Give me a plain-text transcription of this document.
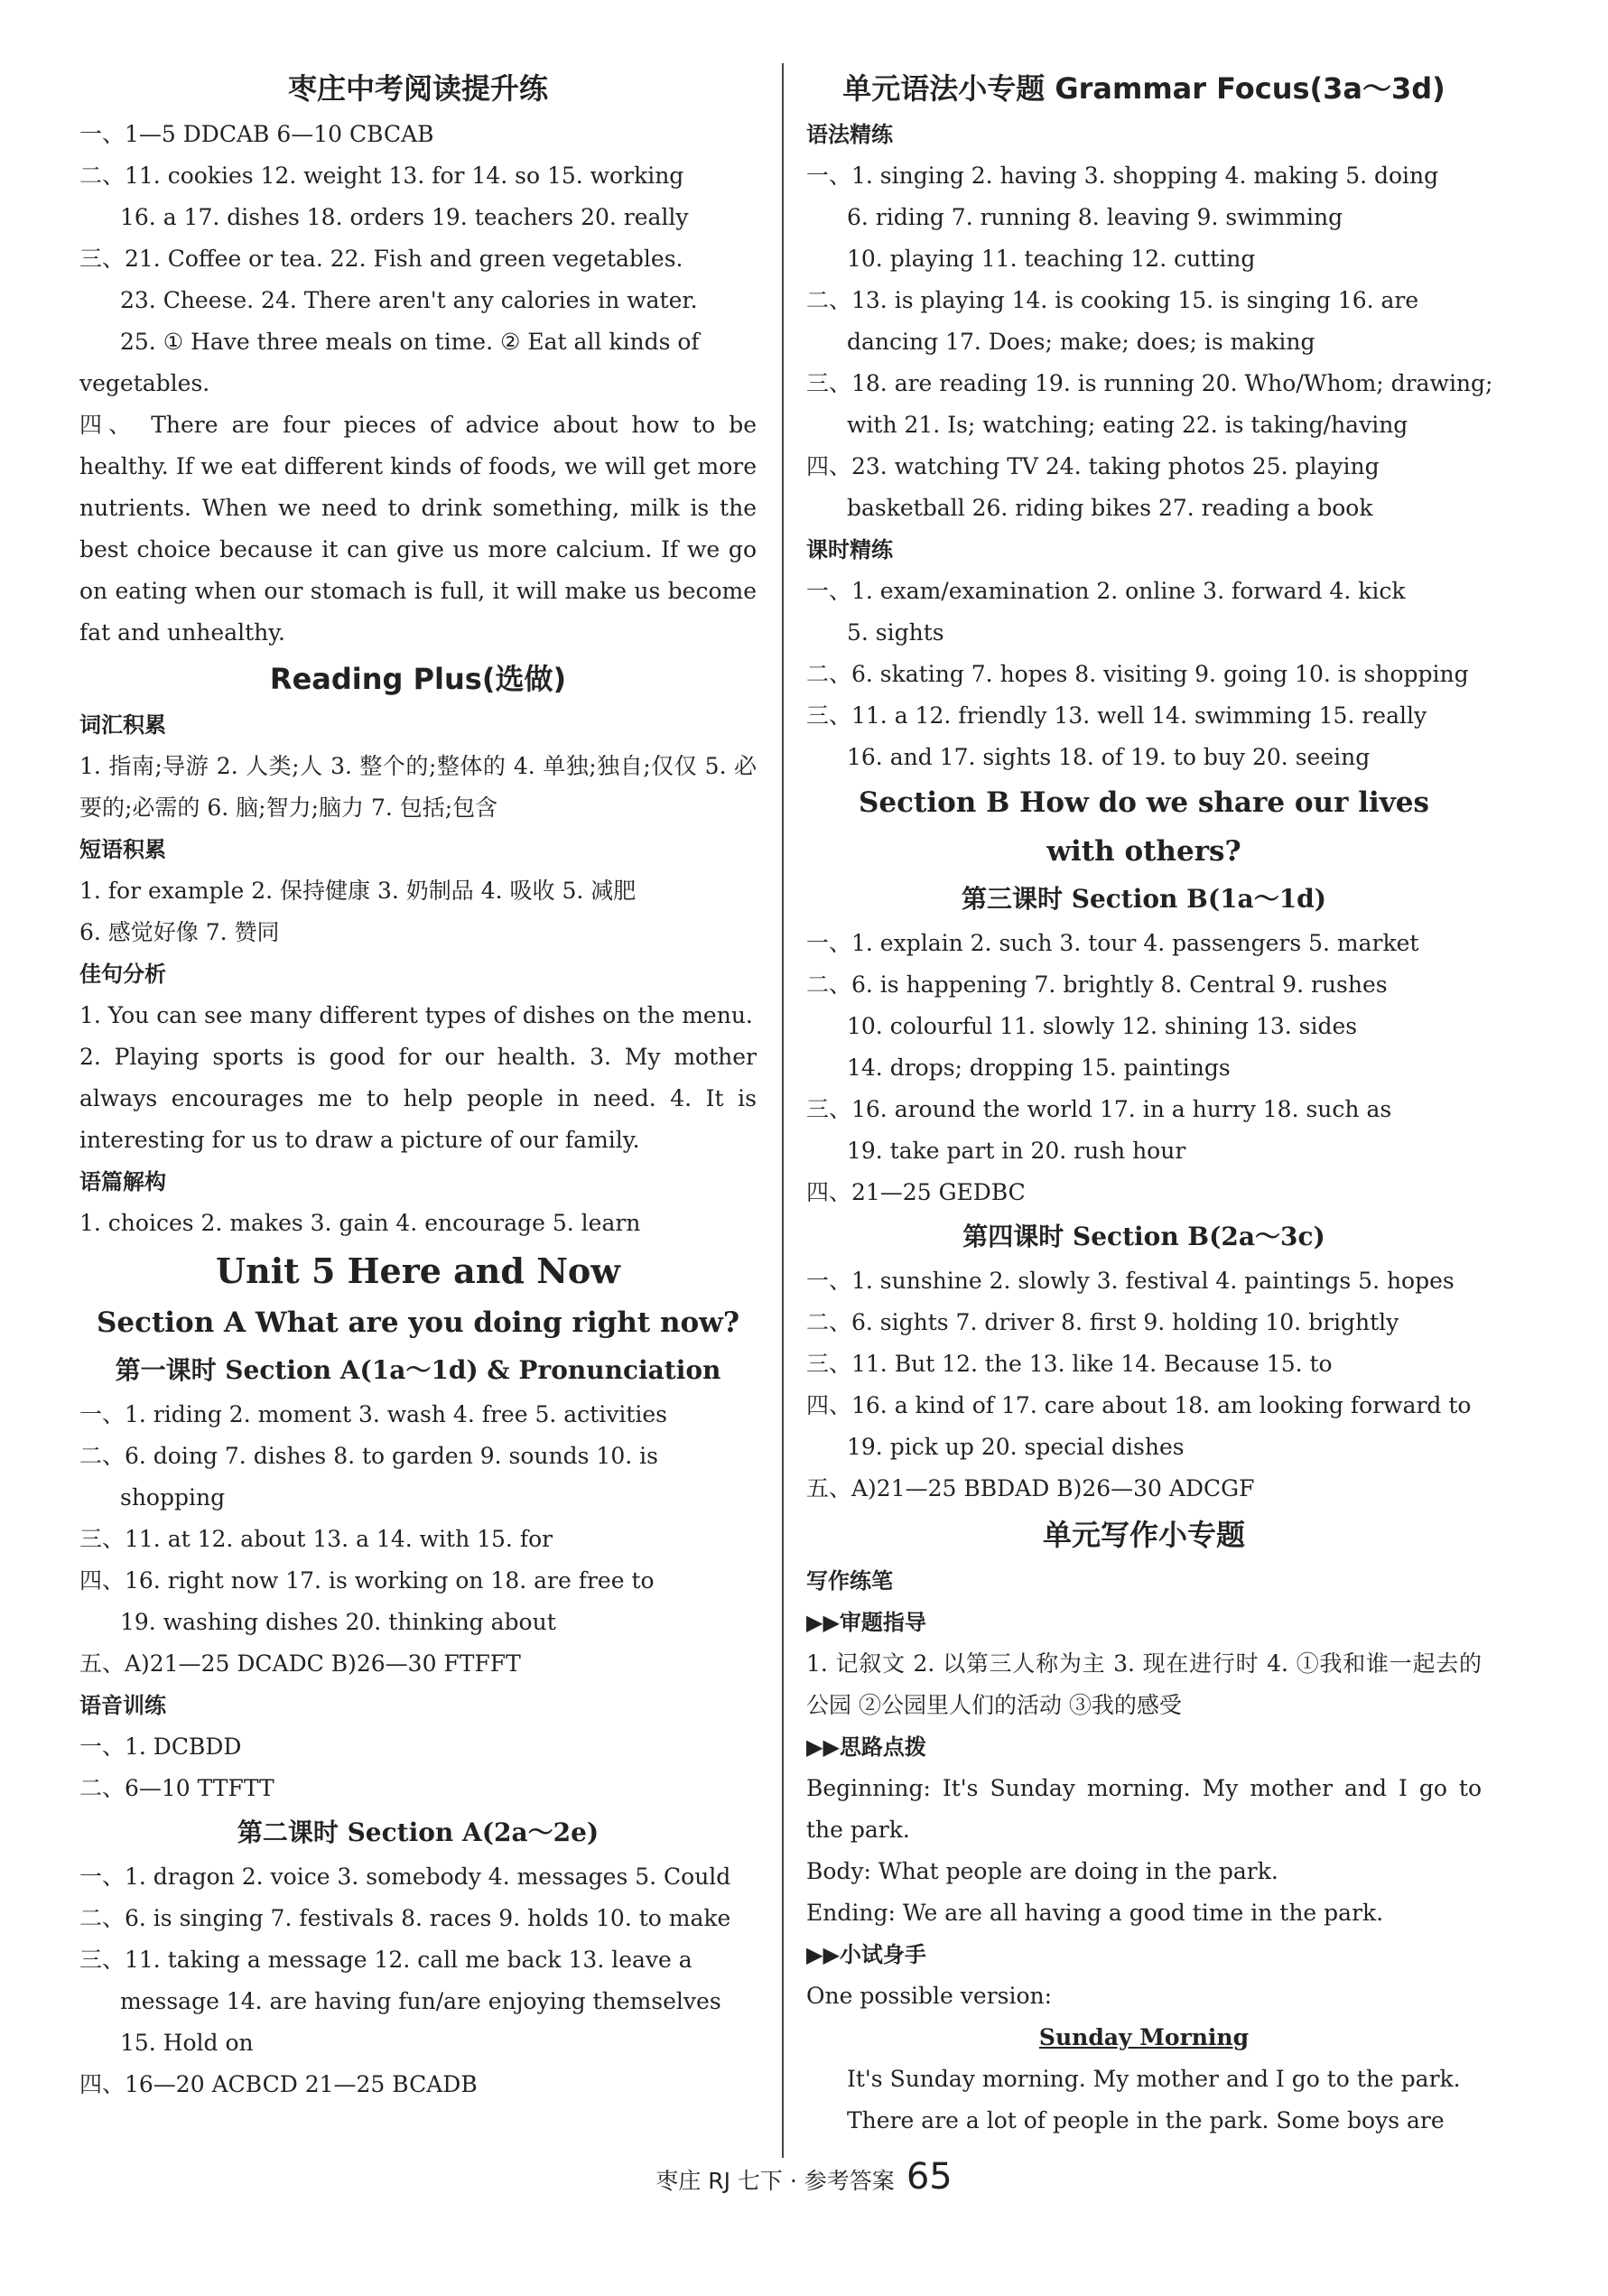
枣庄中考阅读提升练
一、1—5 DDCAB 6—10 CBCAB
二、11. cookies 12. weight 13. for 14. so 15. working
16. a 17. dishes 18. orders 19. teachers 20. really
三、21. Coffee or tea. 22. Fish and green vegetables.
23. Cheese. 24. There aren't any calories in water.
25. ① Have three meals on time. ② Eat all kinds of
vegetables.
四、 There are four pieces of advice about how to be healthy. If we eat different kinds of foods, we will get more nutrients. When we need to drink something, milk is the best choice because it can give us more calcium. If we go on eating when our stomach is full, it will make us become fat and unhealthy.
Reading Plus(选做)
词汇积累
1. 指南;导游 2. 人类;人 3. 整个的;整体的 4. 单独;独自;仅仅 5. 必要的;必需的 6. 脑;智力;脑力 7. 包括;包含
短语积累
1. for example 2. 保持健康 3. 奶制品 4. 吸收 5. 减肥
6. 感觉好像 7. 赞同
佳句分析
1. You can see many different types of dishes on the menu.
2. Playing sports is good for our health. 3. My mother always encourages me to help people in need. 4. It is interesting for us to draw a picture of our family.
语篇解构
1. choices 2. makes 3. gain 4. encourage 5. learn
Unit 5 Here and Now
Section A What are you doing right now?
第一课时 Section A(1a～1d) & Pronunciation
一、1. riding 2. moment 3. wash 4. free 5. activities
二、6. doing 7. dishes 8. to garden 9. sounds 10. is
shopping
三、11. at 12. about 13. a 14. with 15. for
四、16. right now 17. is working on 18. are free to
19. washing dishes 20. thinking about
五、A)21—25 DCADC B)26—30 FTFFT
语音训练
一、1. DCBDD
二、6—10 TTFTT
第二课时 Section A(2a～2e)
一、1. dragon 2. voice 3. somebody 4. messages 5. Could
二、6. is singing 7. festivals 8. races 9. holds 10. to make
三、11. taking a message 12. call me back 13. leave a
message 14. are having fun/are enjoying themselves
15. Hold on
四、16—20 ACBCD 21—25 BCADB
单元语法小专题 Grammar Focus(3a～3d)
语法精练
一、1. singing 2. having 3. shopping 4. making 5. doing
6. riding 7. running 8. leaving 9. swimming
10. playing 11. teaching 12. cutting
二、13. is playing 14. is cooking 15. is singing 16. are
dancing 17. Does; make; does; is making
三、18. are reading 19. is running 20. Who/Whom; drawing;
with 21. Is; watching; eating 22. is taking/having
四、23. watching TV 24. taking photos 25. playing
basketball 26. riding bikes 27. reading a book
课时精练
一、1. exam/examination 2. online 3. forward 4. kick
5. sights
二、6. skating 7. hopes 8. visiting 9. going 10. is shopping
三、11. a 12. friendly 13. well 14. swimming 15. really
16. and 17. sights 18. of 19. to buy 20. seeing
Section B How do we share our lives
with others?
第三课时 Section B(1a～1d)
一、1. explain 2. such 3. tour 4. passengers 5. market
二、6. is happening 7. brightly 8. Central 9. rushes
10. colourful 11. slowly 12. shining 13. sides
14. drops; dropping 15. paintings
三、16. around the world 17. in a hurry 18. such as
19. take part in 20. rush hour
四、21—25 GEDBC
第四课时 Section B(2a～3c)
一、1. sunshine 2. slowly 3. festival 4. paintings 5. hopes
二、6. sights 7. driver 8. first 9. holding 10. brightly
三、11. But 12. the 13. like 14. Because 15. to
四、16. a kind of 17. care about 18. am looking forward to
19. pick up 20. special dishes
五、A)21—25 BBDAD B)26—30 ADCGF
单元写作小专题
写作练笔
▶▶审题指导
1. 记叙文 2. 以第三人称为主 3. 现在进行时 4. ①我和谁一起去的公园 ②公园里人们的活动 ③我的感受
▶▶思路点拨
Beginning: It's Sunday morning. My mother and I go to the park.
Body: What people are doing in the park.
Ending: We are all having a good time in the park.
▶▶小试身手
One possible version:
Sunday Morning
It's Sunday morning. My mother and I go to the park.
There are a lot of people in the park. Some boys are
枣庄 RJ 七下 · 参考答案 65
